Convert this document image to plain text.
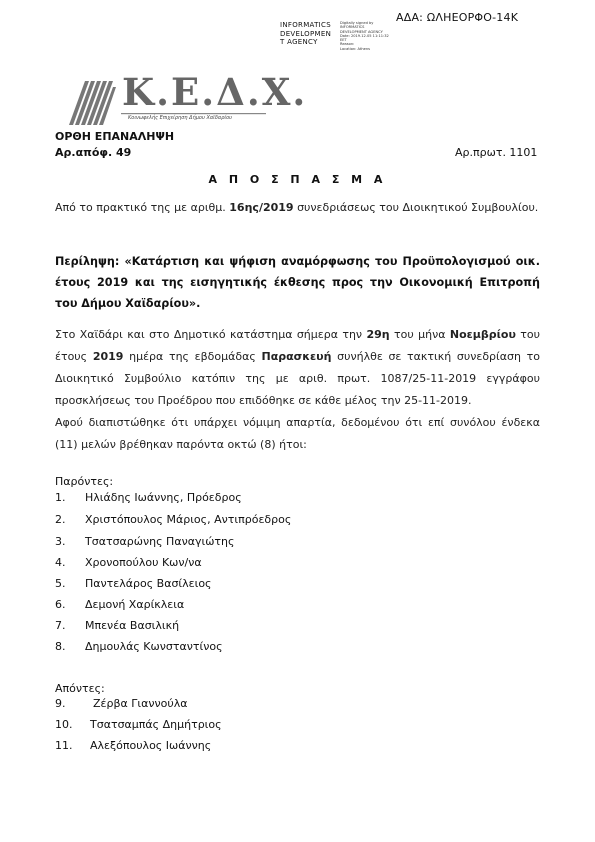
ΑΔΑ: ΩΛΗΕΟΡΦΟ-14Κ
INFORMATICS
DEVELOPMEN
T AGENCY
Digitally signed by
INFORMATICS
DEVELOPMENT AGENCY
Date: 2019.12.05 11:11:32
EET
Reason:
Location: Athens
Κ.Ε.Δ.Χ.
Κοινωφελής Επιχείρηση Δήμου Χαϊδαρίου
ΟΡΘΗ ΕΠΑΝΑΛΗΨΗ
Αρ.απόφ. 49	Αρ.πρωτ. 1101
Α Π Ο Σ Π Α Σ Μ Α
Από το πρακτικό της με αριθμ. 16ης/2019 συνεδριάσεως του Διοικητικού Συμβουλίου.
Περίληψη: «Κατάρτιση και ψήφιση αναμόρφωσης του Προϋπολογισμού οικ. έτους 2019 και της εισηγητικής έκθεσης προς την Οικονομική Επιτροπή του Δήμου Χαϊδαρίου».
Στο Χαϊδάρι και στο Δημοτικό κατάστημα σήμερα την 29η του μήνα Νοεμβρίου του έτους 2019 ημέρα της εβδομάδας Παρασκευή συνήλθε σε τακτική συνεδρίαση το Διοικητικό Συμβούλιο κατόπιν της με αριθ. πρωτ. 1087/25-11-2019 εγγράφου προσκλήσεως του Προέδρου που επιδόθηκε σε κάθε μέλος την 25-11-2019.
Αφού διαπιστώθηκε ότι υπάρχει νόμιμη απαρτία, δεδομένου ότι επί συνόλου ένδεκα (11) μελών βρέθηκαν παρόντα οκτώ (8) ήτοι:
Παρόντες:
1. Ηλιάδης Ιωάννης, Πρόεδρος
2. Χριστόπουλος Μάριος, Αντιπρόεδρος
3. Τσατσαρώνης Παναγιώτης
4. Χρονοπούλου Κων/να
5. Παντελάρος Βασίλειος
6. Δεμονή Χαρίκλεια
7. Μπενέα Βασιλική
8. Δημουλάς Κωνσταντίνος
Απόντες:
9.	Ζέρβα Γιαννούλα
10. Τσατσαμπάς Δημήτριος
11. Αλεξόπουλος Ιωάννης
